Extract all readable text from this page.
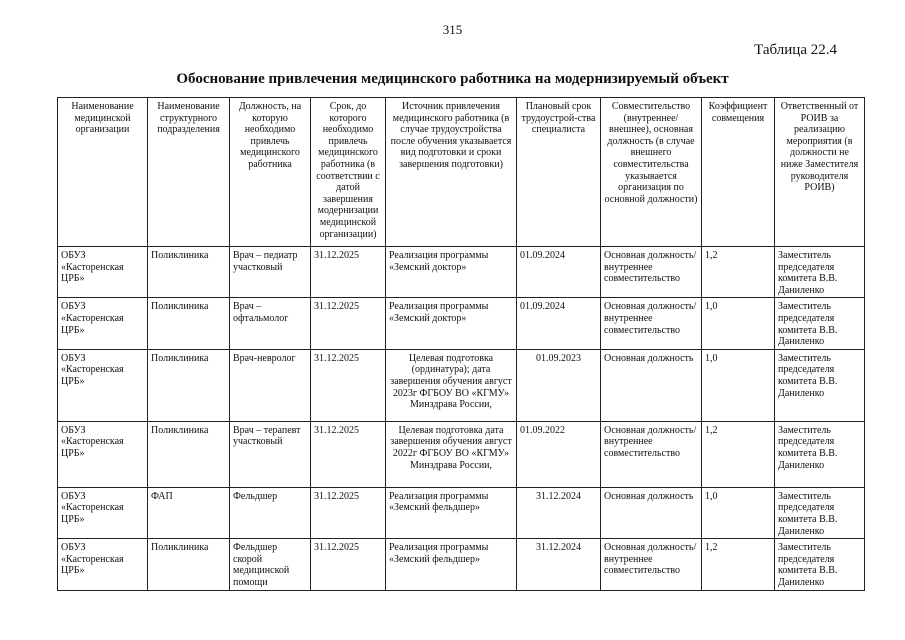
315
Таблица 22.4
Обоснование привлечения медицинского работника на модернизируемый объект
Наименование медицинской организации	Наименование структурного подразделения	Должность, на которую необходимо привлечь медицинского работника	Срок, до которого необходимо привлечь медицинского работника (в соответствии с датой завершения модернизации медицинской организации)	Источник привлечения медицинского работника (в случае трудоустройства после обучения указывается вид подготовки и сроки завершения подготовки)	Плановый срок трудоустрой-ства специалиста	Совместительство (внутреннее/ внешнее), основная должность (в случае внешнего совместительства указывается организация по основной должности)	Коэффициент совмещения	Ответственный от РОИВ за реализацию мероприятия (в должности не ниже Заместителя руководителя РОИВ)
ОБУЗ «Касторенская ЦРБ»	Поликлиника	Врач – педиатр участковый	31.12.2025	Реализация программы «Земский доктор»	01.09.2024	Основная должность/ внутреннее совместительство	1,2	Заместитель председателя комитета В.В. Даниленко
ОБУЗ «Касторенская ЦРБ»	Поликлиника	Врач – офтальмолог	31.12.2025	Реализация программы «Земский доктор»	01.09.2024	Основная должность/ внутреннее совместительство	1,0	Заместитель председателя комитета В.В. Даниленко
ОБУЗ «Касторенская ЦРБ»	Поликлиника	Врач-невролог	31.12.2025	Целевая подготовка (ординатура); дата завершения обучения август 2023г ФГБОУ ВО «КГМУ» Минздрава России,	01.09.2023	Основная должность	1,0	Заместитель председателя комитета В.В. Даниленко
ОБУЗ «Касторенская ЦРБ»	Поликлиника	Врач – терапевт участковый	31.12.2025	Целевая подготовка дата завершения обучения август 2022г ФГБОУ ВО «КГМУ» Минздрава России,	01.09.2022	Основная должность/ внутреннее совместительство	1,2	Заместитель председателя комитета В.В. Даниленко
ОБУЗ «Касторенская ЦРБ»	ФАП	Фельдшер	31.12.2025	Реализация программы «Земский фельдшер»	31.12.2024	Основная должность	1,0	Заместитель председателя комитета В.В. Даниленко
ОБУЗ «Касторенская ЦРБ»	Поликлиника	Фельдшер скорой медицинской помощи	31.12.2025	Реализация программы «Земский фельдшер»	31.12.2024	Основная должность/ внутреннее совместительство	1,2	Заместитель председателя комитета В.В. Даниленко
